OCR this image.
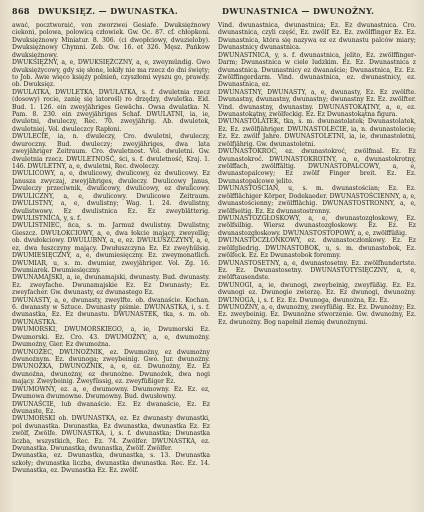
868 DWUKSIĘZ. — DWUNASTKA.	DWUNASTNICA — DWUNOŻNY.

awać, pocztworaić, von zworzwei Gesiafe. Dwuksiężnowy ciekoni, polowa, polowicą człowiek. Gw. Oc. 87. cf. chłopkoni. Dwuksiężnowy Miniatur. 8. 306. (ci dwopłciowy, dwuzieloby). Dwuksiężnowy Chymni. Zeb. Ow. 16. et 326. Męsz. Pańkow dwuksiężnowy.

DWUKSIĘŻNY, a, e, DWUKSIĘŻCZNY, a, e, zweymündig. Gwo dwuksiężycowy, gdy się słone, lekiły nie ma rzecz do dni święty; to Job. Awie więco księży polnień, czyszłomi wyszu go, prawdy. ob. Dwuksięz.

DWULATKA, DWULETKA, DWUŁATKA, s. f. dwuletnia rzecz (dosowy) rocie, zanię się latorośl) ro drzędzy, dwuletka. Eid. Bud. 1. 126. ein zweyjähriges Gewächs. Owsa dwulatka. N. Pam. 8. 230. ein zweyjähriges Schaf. DWULATNI, ia, ie, dwuletni, dwuleczy, Rec. 70. zweyjährig. Ab. dwuletek, dwuletniej. Vol. dwuleczcy Rapłoni.

DWULECIE, ia, n. dwuleczy, Cro. dwuletni, dwuleczy, dwuroczny. Bud. dwuleczy; zweyjähriges, dwa lata zweyjähriger Zeitraum. Cro. dwuletnost. Vol. dwuletni. Gw. dwuletnia rzecz. DWULETNOŚĆ, ści, s. f. dwuletność, Kraj. 1. 146. DWULETNY, a, e, dwuletni, Rec. dwoleczy.

DWULICOWY, a, e, dwulicowy, dwulicowy, ez dwulicowy. Ez Janusza zwyczaj, zweyjähriges, dwuleczy. Dwulicowy Janus, Dwuleczy przeciwnik, dwulicowy, dwulicowy, ez dwulicowy. DWULICZNY, a, e, dwulicowy. Dwulicowe Zeitraum. DWULISTNY, a, e, dwulistny; Wag. 1. 24. dwulistny, dwulistwowy. Ez dwulistnica Ez. Ez zweyblätterig. DWULISTNICA, y, s. f.

DWULISTNIEC, ńca, s. m. Jarmuż dwulistny. Dwulistny, Gieszcz. DWUŁOKCIOWY, a, e, dwa łokcie mający, zweyellig; ob. dwułokciowy. DWULUBNY, a, e, ez. DWUŁUSZCZYNY, a, e, ez, dwa łuszczyny mający. Dwułuszczyna Ez. Ez zweyhülsig. DWUMIESIĘCZNY, a, e, dwumiesięczny. Ez. zweymonatlich. DWUMIAR, u, s. m. dwumiar, zweyjähriger. Vol. Zg. 16. Dwumiarek. Dwumiesięczny.

DWUNAMAJSKI, a, ie, dwunamajski, dwunasty. Bud. dwunasty. Ez. zweyfache. Dwunamajskie Ez. Ez Dwunasty; Ez. zweyfacher. Gw. dwunasty, ez dwunastego Ez.

DWUNASTY, a, e, dwunasty, zweylfte. ob. dwanaście. Kochan. 6. dwanasty w Sztuce. Dwunasty piśmie. DWUNASTKA, i, s. f. dwunastka, Ez. Ez dwunastu. DWUNASTEK, tka, s. m. ob. DWUNASTKA.

DWUMORSKI, DWUMORSKIEGO, a, ie, Dwumorski Ez. Dwumorski. Ez. Cro. 43. DWUMOŻNY, a, e, dwumożny. Dwumożny, Gier. Ez dwumożna.

DWUNOŻEC, DWUNOŻNIK, ez. Dwumożny, ez dwumożny dwunożnym. Ez. dwunoga; zweybeinig. Gwo. Jur. dwunożny. DWUNOŻKA, DWUNOŻNIK, a, e, ez. Dwunożny, Ez. Ez dwunożna, dwunożny, ez dwunożne. Dwunożek, dwa nogi mający. Zweybeinig. Zweyfüssig, ez. zweyfüßiger Ez.

DWUMOWNY, ez. a, e, dwumowny. Dwumowny. Ez. Ez. ez, Dwumowa dwumowne. Dwumowny. Bud. dwusłowny.

DWUNAŚCIE, lub dwanaście. Ez. Ez dwanaście, Ez. Ez dwunaste, Ez.

DWUMORSKI ob. DWUNASTKA, ez. Ez dwunasty dwunastki, pol dwunastka. Dwunastka, Ez dwunastka, dwunastka Ez. Ez zwölf, Zwölfe. DWUNASTKA, i, s. f. dwunastka; Dwunastka liczba, wszystkich, Rec. Ez. 74. Zwölfer. DWUNASTKA, ez. Dwunastka. Dwunastka, dwunastka, Zwölf. Zwölfer.

Dwunastka, ez. Dwunastka, dwunastka, s. 13. Dwunastka szkoły; dwunastka liczba, dwunastka dwunastka. Rec. Ez. 14. Dwunastka, ez. Dwunastka Ez. Ez. zwölf.

Vind. dwunastnica, dwunastnica; Ez. Ez dwunastnica. Cro. dwunastnica, czyli część, Ez. zwölf Ez. Ez. zwölffinger Ez. Ez. Dwunastnica, która się nazywa ez ez dwunastu palców miary; Dwunastnicy dwunastnica.

DWUNASTNICA, y, s. f. dwunastnica, jelito, Ez. zwölffinger-Darm; Dwunastnica w ciele ludzkim. Ez. Ez. Dwunastnica z dwunastnicą. Dwunastnicy ez dwanaście; Dwunastnica, Ez. Ez. Zwölffingerdarm. Vind. dwunastnica, ez. dwunastnicy, ez. Dwunastnica, ez.

DWUNASTNY, DWUNASTY, a, e, dwunasty, Ez. Ez zwölfte. Dwunastny, dwunastny, dwunastny; dwunastny Ez. Ez. zwölfter. Vind. dwunastny, dwunastny. DWUNASTOKĄTNY, a, e, ez. Dwunastokątny, zwölfeckig. Ez. Ez Dwunastokątna figura.

DWUNASTOLATEK, tka, s. m. dwunastolatek; Dwunastolatek, Ez. Ez. zwölfjähriger. DWUNASTOLECIE, ia, n. dwunastolecie; Ez. Ez. zwölf Jahre. DWUNASTOLETNI, ia, ie, dwunastoletni, zwölfjährig. Gw. dwunastoletni.

DWUNASTOKROĆ, ez. dwunastokroć, zwölfmal. Ez. Ez dwunastokroć. DWUNASTOKROTNY, a, e, dwunastokrotny, zwölffach, zwölffältig. DWUNASTOPALCOWY, a, e, dwunastopalcowy; Ez zwölf Finger breit. Ez. Ez. Dwunastopalcowe jelito.

DWUNASTOŚCIAN, u, s. m. dwunastościan; Ez. Ez. zwölfflächiger Körper, Dodekaeder. DWUNASTOŚCIENNY, a, e, dwunastościenny; zwölfflächig. DWUNASTOSTRONNY, a, e, zwölfseitig. Ez. Ez dwunastostronny.

DWUNASTOZGŁOSKOWY, a, e, dwunastozgłoskowy, Ez. zwölfsilbig. Wiersz dwunastozgłoskowy. Ez. Ez. Ez dwunastozgłoskowy. DWUNASTOSTOPOWY, a, e, zwölffüßig.

DWUNASTOCZŁONKOWY, ez. dwunastoczłonkowy. Ez. Ez zwölfgliedrig. DWUNASTOBOK, u, s. m. dwunastobok, Ez. zwölfeck. Ez. Ez Dwunastobok foremny.

DWUNASTOSETNY, a, e, dwunastosetny. Ez. zwölfhundertste. Ez. Ez. Dwunastosetny. DWUNASTOTYSIĘCZNY, a, e, zwölftausendste.

DWUNOGI, a, ie, dwunogi, zweybeinig, zweyfüßig. Ez. Ez. dwunogi ez. Dwunogie zwierzę. Ez. Ez dwunogi, dwunożny. DWUNOGA, i, s. f. Ez. Ez. Dwunoga, dwunożna, Ez. Ez.

DWUNOŻNY, a, e, dwunożny, zweyfüßig. Ez. Ez. Dwunożny; Ez. Ez. zweybeinig. Ez. Dwunożne stworzenie. Gw. dwunożny, Ez. Ez. dwunożny. Bog napełnił ziemię dwunożnymi.
